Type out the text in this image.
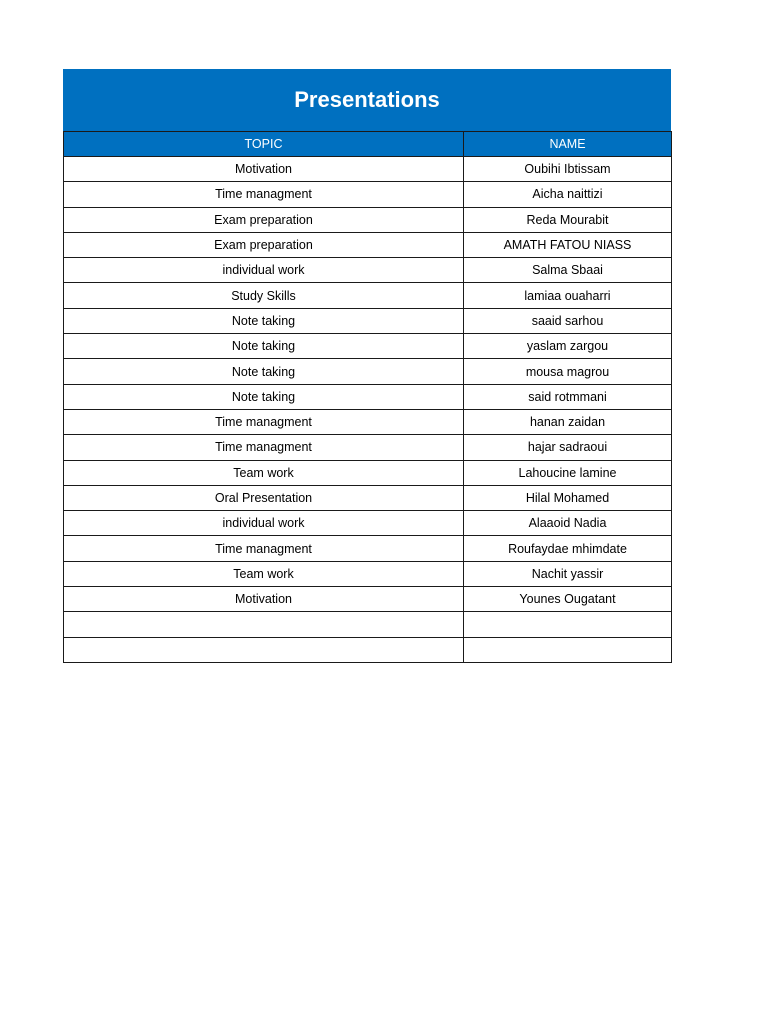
Presentations
TOPIC	NAME
Motivation	Oubihi Ibtissam
Time managment	Aicha naittizi
Exam preparation	Reda Mourabit
Exam preparation	AMATH FATOU NIASS
individual work	Salma Sbaai
Study Skills	lamiaa ouaharri
Note taking	saaid sarhou
Note taking	yaslam zargou
Note taking	mousa magrou
Note taking	said rotmmani
Time managment	hanan zaidan
Time managment	hajar sadraoui
Team work	Lahoucine lamine
Oral Presentation	Hilal Mohamed
individual work	Alaaoid Nadia
Time managment	Roufaydae mhimdate
Team work	Nachit yassir
Motivation	Younes Ougatant
